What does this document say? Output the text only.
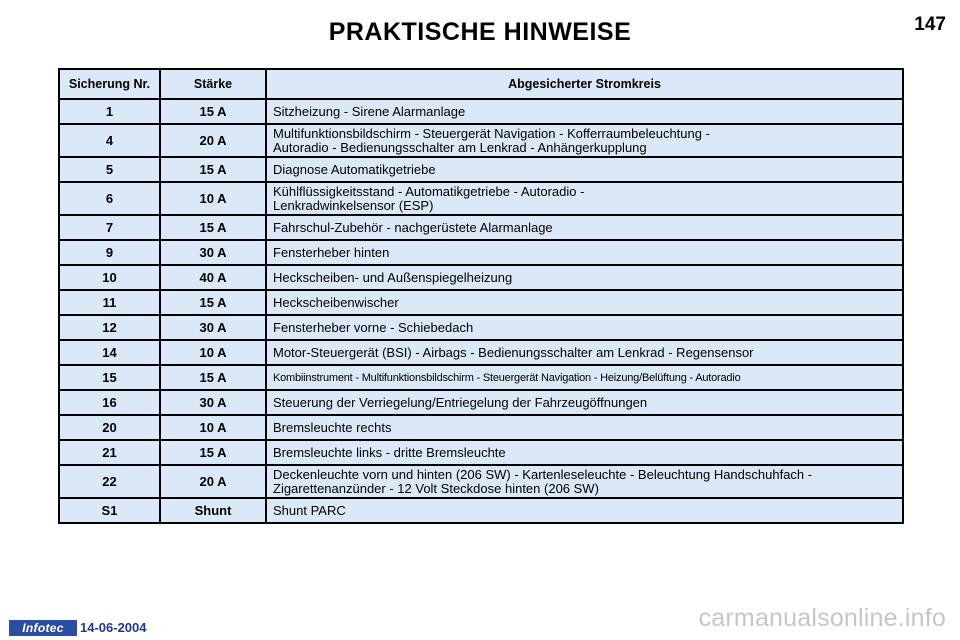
PRAKTISCHE HINWEISE	147
Sicherung Nr.	Stärke	Abgesicherter Stromkreis
1	15 A	Sitzheizung - Sirene Alarmanlage
4	20 A	Multifunktionsbildschirm - Steuergerät Navigation - Kofferraumbeleuchtung -
Autoradio - Bedienungsschalter am Lenkrad - Anhängerkupplung
5	15 A	Diagnose Automatikgetriebe
6	10 A	Kühlflüssigkeitsstand - Automatikgetriebe - Autoradio -
Lenkradwinkelsensor (ESP)
7	15 A	Fahrschul-Zubehör - nachgerüstete Alarmanlage
9	30 A	Fensterheber hinten
10	40 A	Heckscheiben- und Außenspiegelheizung
11	15 A	Heckscheibenwischer
12	30 A	Fensterheber vorne - Schiebedach
14	10 A	Motor-Steuergerät (BSI) - Airbags - Bedienungsschalter am Lenkrad - Regensensor
15	15 A	Kombiinstrument - Multifunktionsbildschirm - Steuergerät Navigation - Heizung/Belüftung - Autoradio
16	30 A	Steuerung der Verriegelung/Entriegelung der Fahrzeugöffnungen
20	10 A	Bremsleuchte rechts
21	15 A	Bremsleuchte links - dritte Bremsleuchte
22	20 A	Deckenleuchte vorn und hinten (206 SW) - Kartenleseleuchte - Beleuchtung Handschuhfach -
Zigarettenanzünder - 12 Volt Steckdose hinten (206 SW)
S1	Shunt	Shunt PARC
Infotec	14-06-2004	carmanualsonline.info
